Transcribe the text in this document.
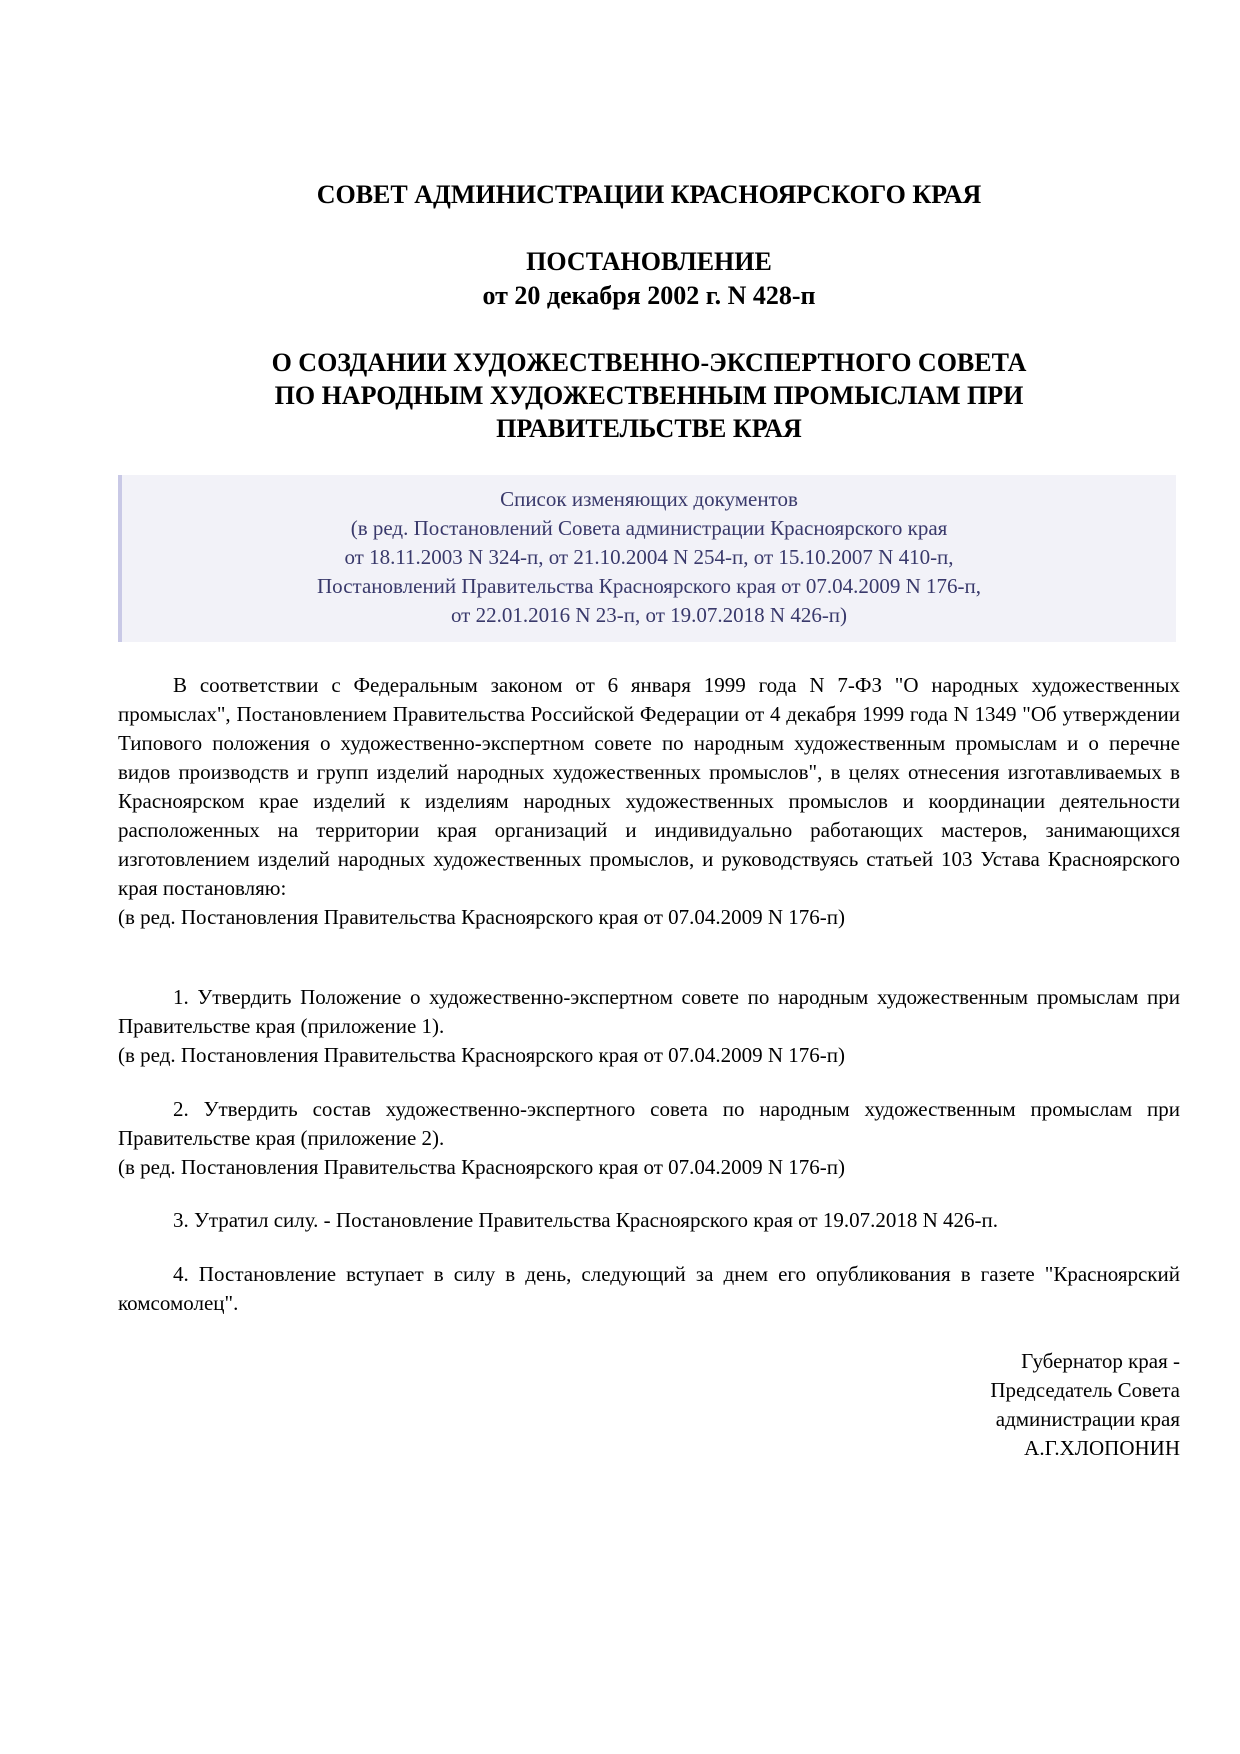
СОВЕТ АДМИНИСТРАЦИИ КРАСНОЯРСКОГО КРАЯ
ПОСТАНОВЛЕНИЕ
от 20 декабря 2002 г. N 428-п
О СОЗДАНИИ ХУДОЖЕСТВЕННО-ЭКСПЕРТНОГО СОВЕТА
ПО НАРОДНЫМ ХУДОЖЕСТВЕННЫМ ПРОМЫСЛАМ ПРИ
ПРАВИТЕЛЬСТВЕ КРАЯ
Список изменяющих документов
(в ред. Постановлений Совета администрации Красноярского края
от 18.11.2003 N 324-п, от 21.10.2004 N 254-п, от 15.10.2007 N 410-п,
Постановлений Правительства Красноярского края от 07.04.2009 N 176-п,
от 22.01.2016 N 23-п, от 19.07.2018 N 426-п)
В соответствии с Федеральным законом от 6 января 1999 года N 7-ФЗ "О народных художественных промыслах", Постановлением Правительства Российской Федерации от 4 декабря 1999 года N 1349 "Об утверждении Типового положения о художественно-экспертном совете по народным художественным промыслам и о перечне видов производств и групп изделий народных художественных промыслов", в целях отнесения изготавливаемых в Красноярском крае изделий к изделиям народных художественных промыслов и координации деятельности расположенных на территории края организаций и индивидуально работающих мастеров, занимающихся изготовлением изделий народных художественных промыслов, и руководствуясь статьей 103 Устава Красноярского края постановляю:
(в ред. Постановления Правительства Красноярского края от 07.04.2009 N 176-п)
1. Утвердить Положение о художественно-экспертном совете по народным художественным промыслам при Правительстве края (приложение 1).
(в ред. Постановления Правительства Красноярского края от 07.04.2009 N 176-п)
2. Утвердить состав художественно-экспертного совета по народным художественным промыслам при Правительстве края (приложение 2).
(в ред. Постановления Правительства Красноярского края от 07.04.2009 N 176-п)
3. Утратил силу. - Постановление Правительства Красноярского края от 19.07.2018 N 426-п.
4. Постановление вступает в силу в день, следующий за днем его опубликования в газете "Красноярский комсомолец".
Губернатор края -
Председатель Совета
администрации края
А.Г.ХЛОПОНИН
